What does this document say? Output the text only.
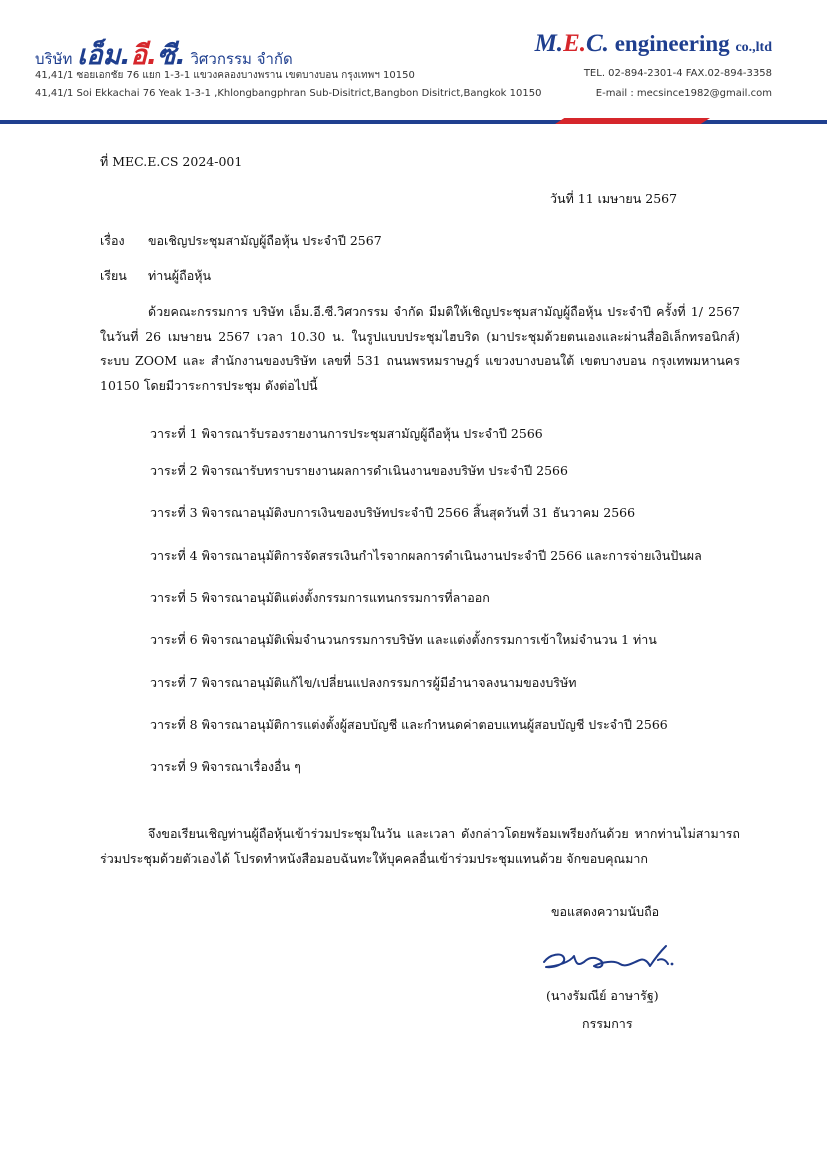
บริษัท เอ็ม.อี.ซี. วิศวกรรม จำกัด
M.E.C. engineering co.,ltd
41,41/1 ซอยเอกชัย 76 แยก 1-3-1 แขวงคลองบางพราน เขตบางบอน กรุงเทพฯ 10150
41,41/1 Soi Ekkachai 76 Yeak 1-3-1 ,Khlongbangphran Sub-Disitrict,Bangbon Disitrict,Bangkok 10150
TEL. 02-894-2301-4 FAX.02-894-3358
E-mail : mecsince1982@gmail.com
ที่ MEC.E.CS 2024-001
วันที่ 11 เมษายน 2567
เรื่อง ขอเชิญประชุมสามัญผู้ถือหุ้น ประจำปี 2567
เรียน ท่านผู้ถือหุ้น
ด้วยคณะกรรมการ บริษัท เอ็ม.อี.ซี.วิศวกรรม จำกัด มีมติให้เชิญประชุมสามัญผู้ถือหุ้น ประจำปี ครั้งที่ 1/ 2567 ในวันที่ 26 เมษายน 2567 เวลา 10.30 น. ในรูปแบบประชุมไฮบริด (มาประชุมด้วยตนเองและผ่านสื่ออิเล็กทรอนิกส์) ระบบ ZOOM และ สำนักงานของบริษัท เลขที่ 531 ถนนพรหมราษฎร์ แขวงบางบอนใต้ เขตบางบอน กรุงเทพมหานคร 10150 โดยมีวาระการประชุม ดังต่อไปนี้
วาระที่ 1 พิจารณารับรองรายงานการประชุมสามัญผู้ถือหุ้น ประจำปี 2566
วาระที่ 2 พิจารณารับทราบรายงานผลการดำเนินงานของบริษัท ประจำปี 2566
วาระที่ 3 พิจารณาอนุมัติงบการเงินของบริษัทประจำปี 2566 สิ้นสุดวันที่ 31 ธันวาคม 2566
วาระที่ 4 พิจารณาอนุมัติการจัดสรรเงินกำไรจากผลการดำเนินงานประจำปี 2566 และการจ่ายเงินปันผล
วาระที่ 5 พิจารณาอนุมัติแต่งตั้งกรรมการแทนกรรมการที่ลาออก
วาระที่ 6 พิจารณาอนุมัติเพิ่มจำนวนกรรมการบริษัท และแต่งตั้งกรรมการเข้าใหม่จำนวน 1 ท่าน
วาระที่ 7 พิจารณาอนุมัติแก้ไข/เปลี่ยนแปลงกรรมการผู้มีอำนาจลงนามของบริษัท
วาระที่ 8 พิจารณาอนุมัติการแต่งตั้งผู้สอบบัญชี และกำหนดค่าตอบแทนผู้สอบบัญชี ประจำปี 2566
วาระที่ 9 พิจารณาเรื่องอื่น ๆ
จึงขอเรียนเชิญท่านผู้ถือหุ้นเข้าร่วมประชุมในวัน และเวลา ดังกล่าวโดยพร้อมเพรียงกันด้วย หากท่านไม่สามารถ ร่วมประชุมด้วยตัวเองได้ โปรดทำหนังสือมอบฉันทะให้บุคคลอื่นเข้าร่วมประชุมแทนด้วย จักขอบคุณมาก
ขอแสดงความนับถือ
(นางรัมณีย์ อาษารัฐ)
กรรมการ
